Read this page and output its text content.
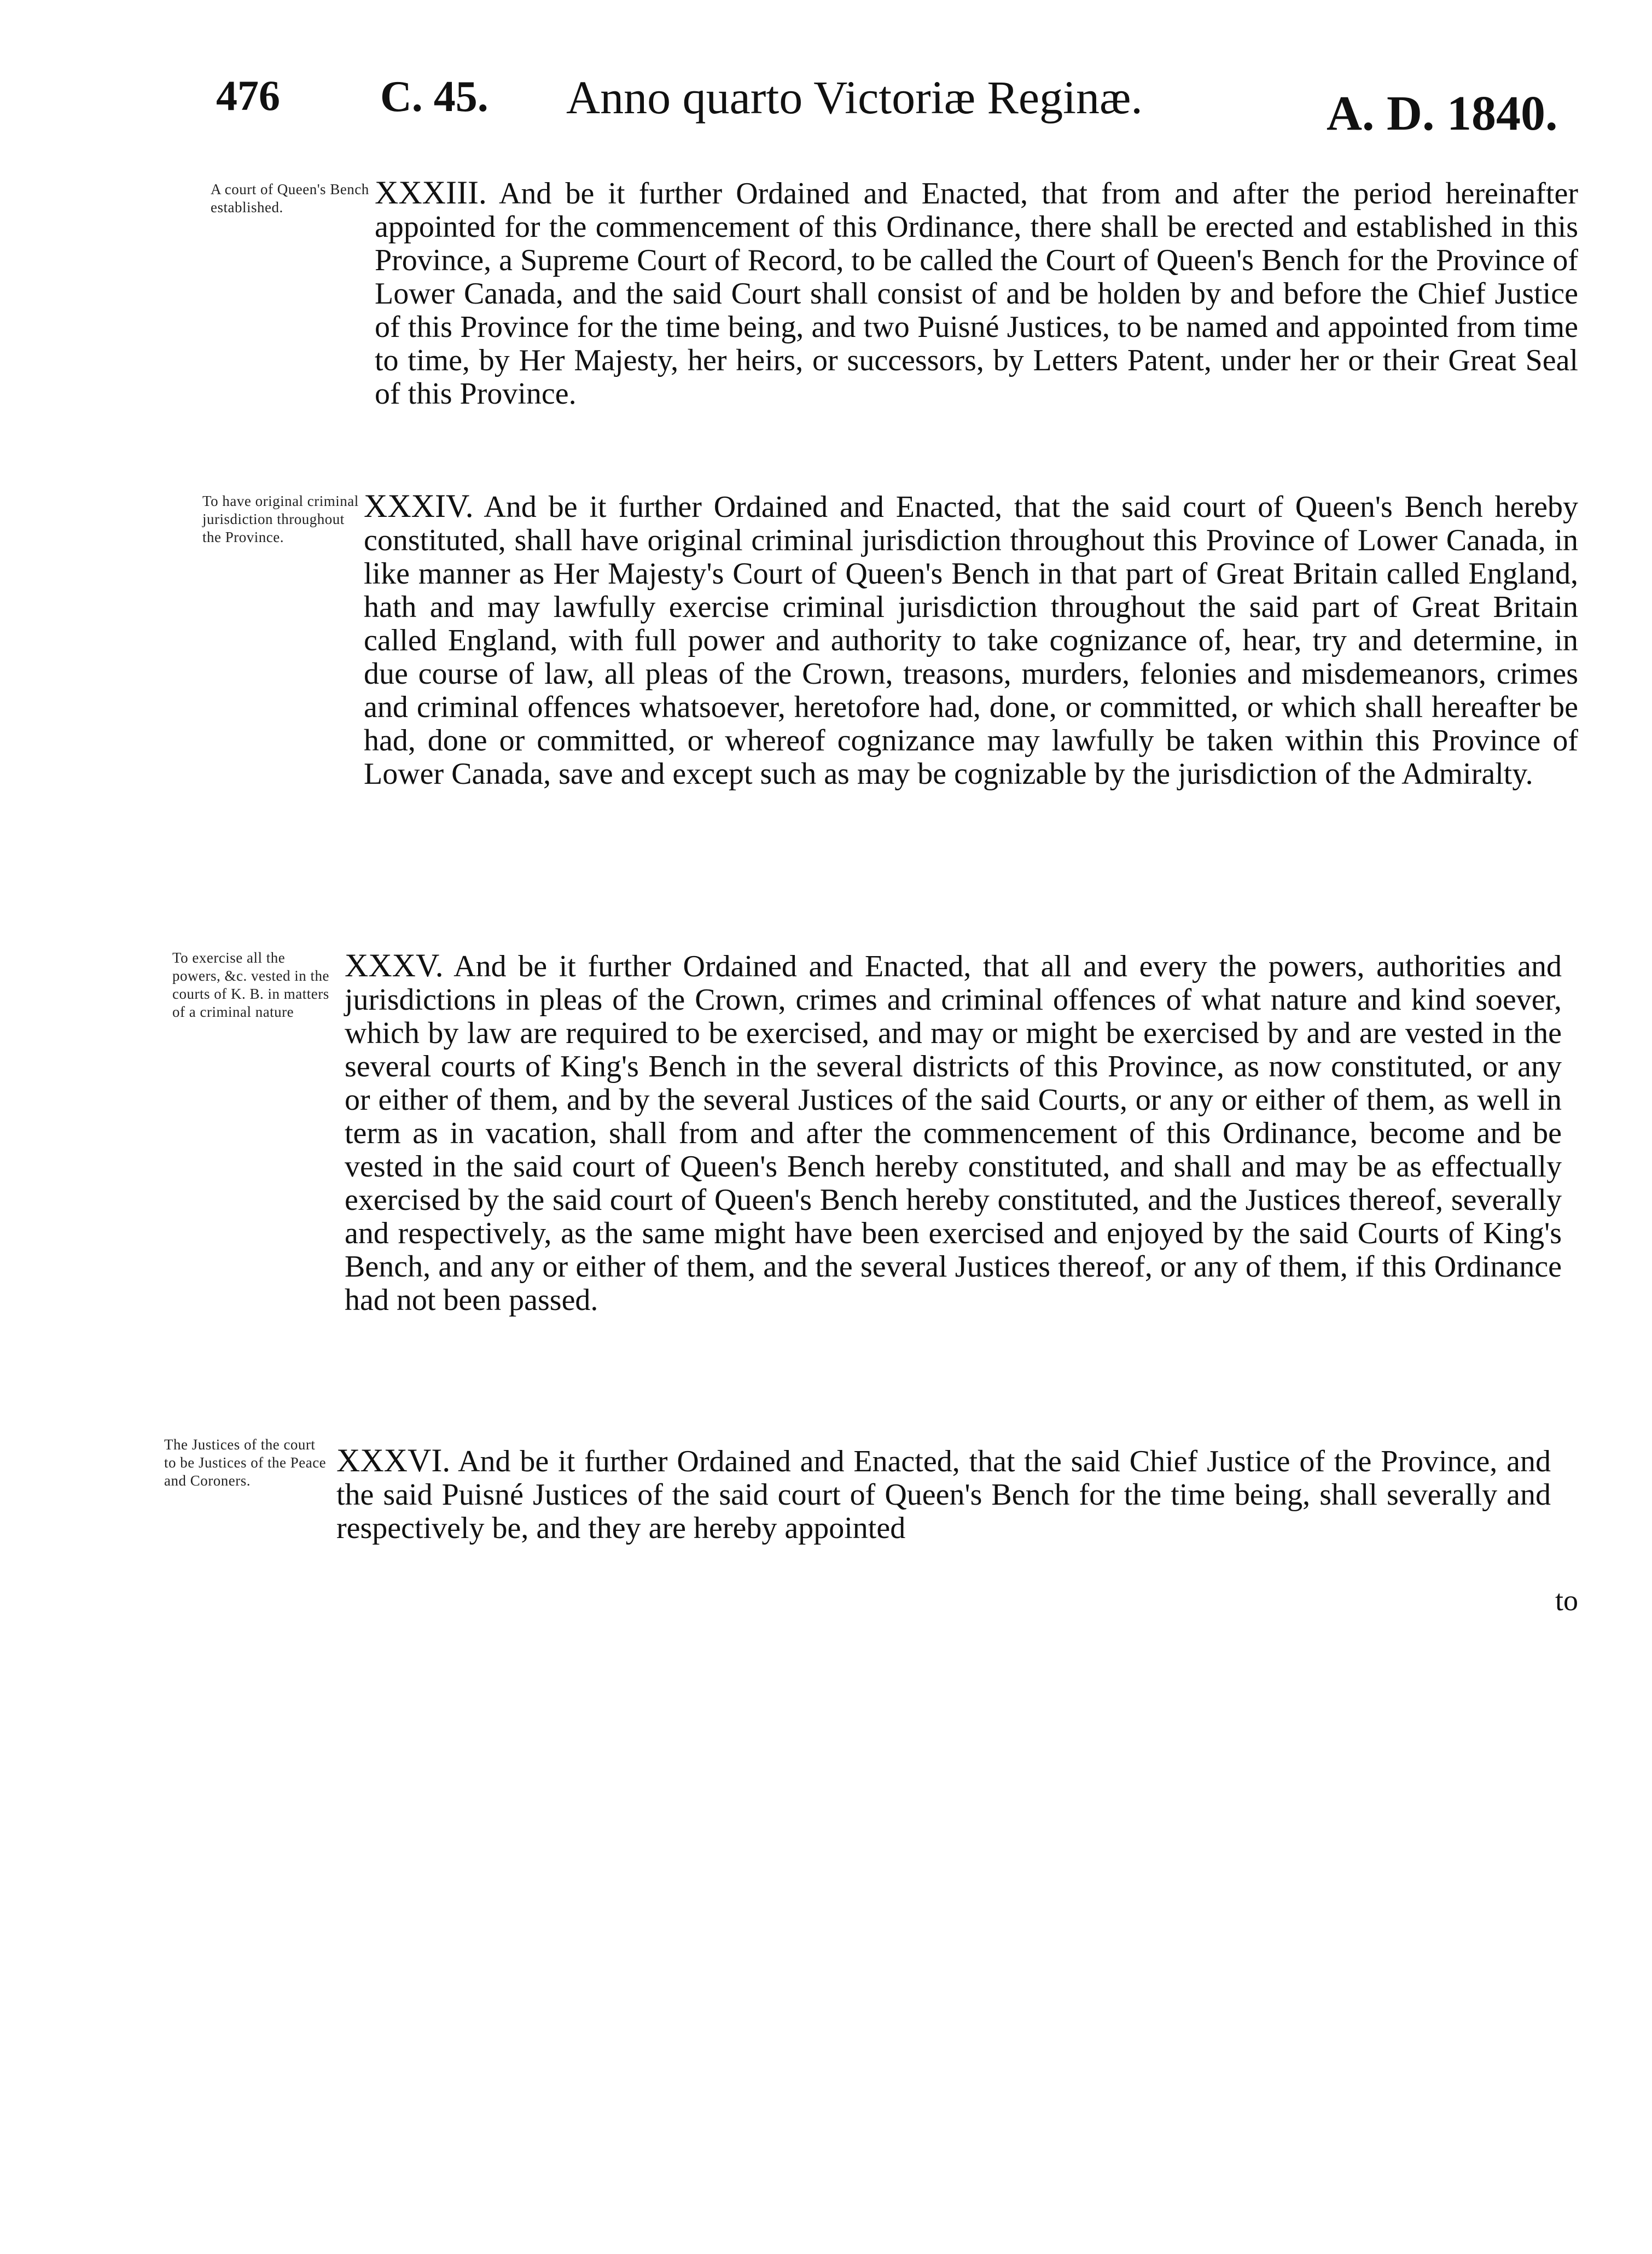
476 C. 45. Anno quarto Victoriæ Reginæ.	A. D. 1840.
A court of Queen's Bench established.	XXXIII. And be it further Ordained and Enacted, that from and after the period hereinafter appointed for the commencement of this Ordinance, there shall be erected and established in this Province, a Supreme Court of Record, to be called the Court of Queen's Bench for the Province of Lower Canada, and the said Court shall consist of and be holden by and before the Chief Justice of this Province for the time being, and two Puisné Justices, to be named and appointed from time to time, by Her Majesty, her heirs, or successors, by Letters Patent, under her or their Great Seal of this Province.
To have original criminal jurisdiction throughout the Province.
XXXIV. And be it further Ordained and Enacted, that the said court of Queen's Bench hereby constituted, shall have original criminal jurisdiction throughout this Province of Lower Canada, in like manner as Her Majesty's Court of Queen's Bench in that part of Great Britain called England, hath and may lawfully exercise criminal jurisdiction throughout the said part of Great Britain called England, with full power and authority to take cognizance of, hear, try and determine, in due course of law, all pleas of the Crown, treasons, murders, felonies and misdemeanors, crimes and criminal offences whatsoever, heretofore had, done, or committed, or which shall hereafter be had, done or committed, or whereof cognizance may lawfully be taken within this Province of Lower Canada, save and except such as may be cognizable by the jurisdiction of the Admiralty.
To exercise all the powers, &c. vested in the courts of K. B. in matters of a criminal nature
XXXV. And be it further Ordained and Enacted, that all and every the powers, authorities and jurisdictions in pleas of the Crown, crimes and criminal offences of what nature and kind soever, which by law are required to be exercised, and may or might be exercised by and are vested in the several courts of King's Bench in the several districts of this Province, as now constituted, or any or either of them, and by the several Justices of the said Courts, or any or either of them, as well in term as in vacation, shall from and after the commencement of this Ordinance, become and be vested in the said court of Queen's Bench hereby constituted, and shall and may be as effectually exercised by the said court of Queen's Bench hereby constituted, and the Justices thereof, severally and respectively, as the same might have been exercised and enjoyed by the said Courts of King's Bench, and any or either of them, and the several Justices thereof, or any of them, if this Ordinance had not been passed.
The Justices of the court to be Justices of the Peace and Coroners.
XXXVI. And be it further Ordained and Enacted, that the said Chief Justice of the Province, and the said Puisné Justices of the said court of Queen's Bench for the time being, shall severally and respectively be, and they are hereby appointed
to
